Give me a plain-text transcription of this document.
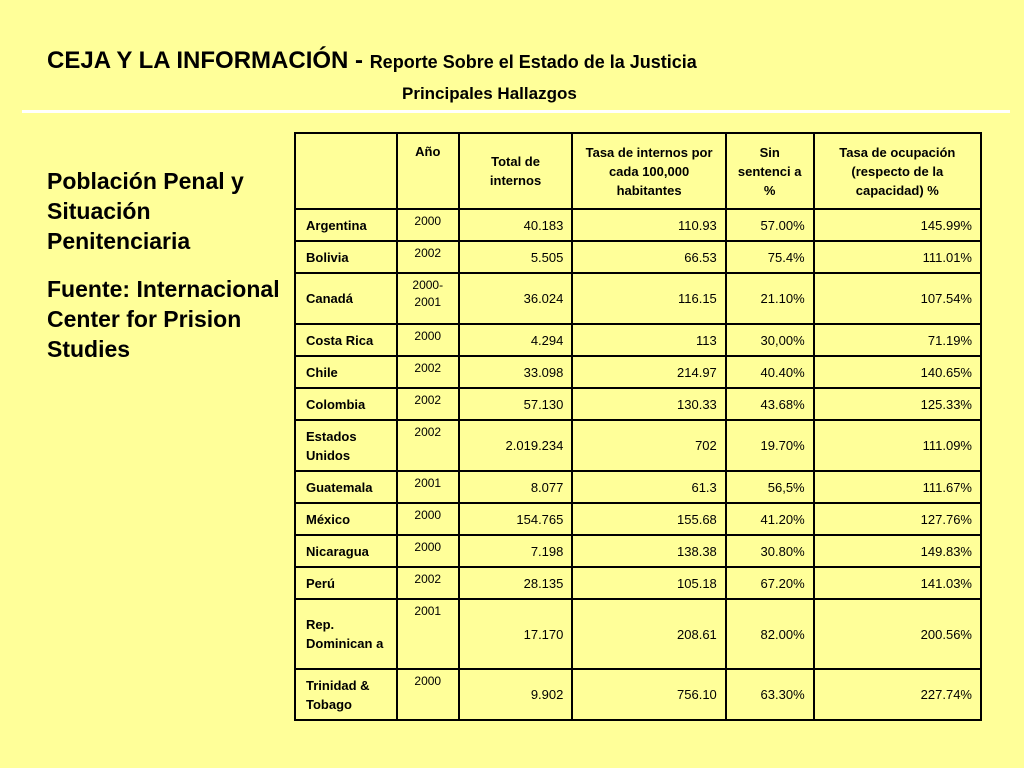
CEJA Y LA INFORMACIÓN - Reporte Sobre el Estado de la Justicia
Principales Hallazgos

Población Penal y Situación Penitenciaria

Fuente: Internacional Center for Prision Studies

	Año	Total de internos	Tasa de internos por cada 100,000 habitantes	Sin sentenci a %	Tasa de ocupación (respecto de la capacidad) %
Argentina	2000	40.183	110.93	57.00%	145.99%
Bolivia	2002	5.505	66.53	75.4%	111.01%
Canadá	2000-2001	36.024	116.15	21.10%	107.54%
Costa Rica	2000	4.294	113	30,00%	71.19%
Chile	2002	33.098	214.97	40.40%	140.65%
Colombia	2002	57.130	130.33	43.68%	125.33%
Estados Unidos	2002	2.019.234	702	19.70%	111.09%
Guatemala	2001	8.077	61.3	56,5%	111.67%
México	2000	154.765	155.68	41.20%	127.76%
Nicaragua	2000	7.198	138.38	30.80%	149.83%
Perú	2002	28.135	105.18	67.20%	141.03%
Rep. Dominican a	2001	17.170	208.61	82.00%	200.56%
Trinidad & Tobago	2000	9.902	756.10	63.30%	227.74%
